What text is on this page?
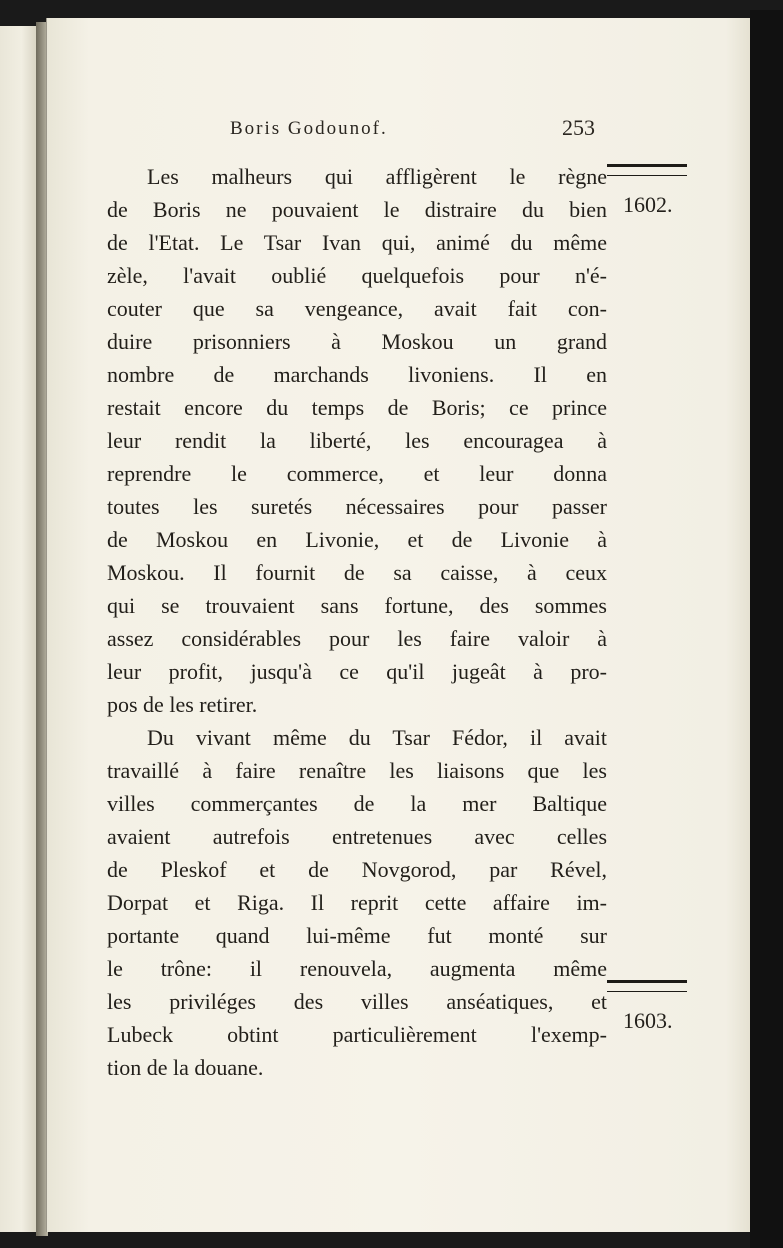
Boris Godounof.	253
Les malheurs qui affligèrent le règne
de Boris ne pouvaient le distraire du bien
de l'Etat. Le Tsar Ivan qui, animé du même
zèle, l'avait oublié quelquefois pour n'é-
couter que sa vengeance, avait fait con-
duire prisonniers à Moskou un grand
nombre de marchands livoniens. Il en
restait encore du temps de Boris; ce prince
leur rendit la liberté, les encouragea à
reprendre le commerce, et leur donna
toutes les suretés nécessaires pour passer
de Moskou en Livonie, et de Livonie à
Moskou. Il fournit de sa caisse, à ceux
qui se trouvaient sans fortune, des sommes
assez considérables pour les faire valoir à
leur profit, jusqu'à ce qu'il jugeât à pro-
pos de les retirer.
Du vivant même du Tsar Fédor, il avait
travaillé à faire renaître les liaisons que les
villes commerçantes de la mer Baltique
avaient autrefois entretenues avec celles
de Pleskof et de Novgorod, par Rével,
Dorpat et Riga. Il reprit cette affaire im-
portante quand lui-même fut monté sur
le trône: il renouvela, augmenta même
les priviléges des villes anséatiques, et
Lubeck obtint particulièrement l'exemp-
tion de la douane.
1602.
1603.
